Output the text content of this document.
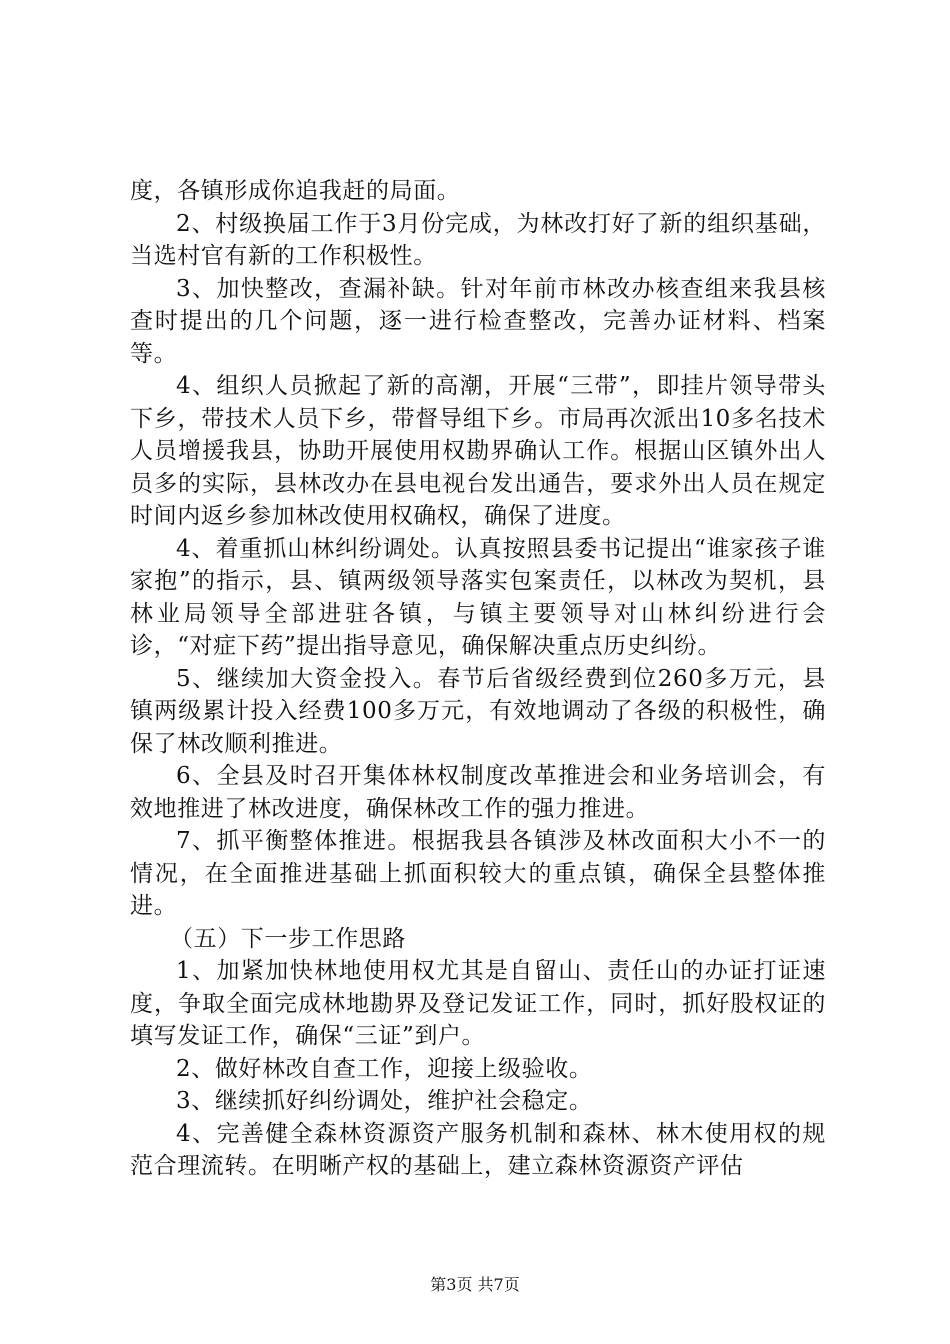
度，各镇形成你追我赶的局面。

2、村级换届工作于3月份完成，为林改打好了新的组织基础，当选村官有新的工作积极性。

3、加快整改，查漏补缺。针对年前市林改办核查组来我县核查时提出的几个问题，逐一进行检查整改，完善办证材料、档案等。

4、组织人员掀起了新的高潮，开展“三带”，即挂片领导带头下乡，带技术人员下乡，带督导组下乡。市局再次派出10多名技术人员增援我县，协助开展使用权勘界确认工作。根据山区镇外出人员多的实际，县林改办在县电视台发出通告，要求外出人员在规定时间内返乡参加林改使用权确权，确保了进度。

4、着重抓山林纠纷调处。认真按照县委书记提出“谁家孩子谁家抱”的指示，县、镇两级领导落实包案责任，以林改为契机，县林业局领导全部进驻各镇，与镇主要领导对山林纠纷进行会诊，“对症下药”提出指导意见，确保解决重点历史纠纷。

5、继续加大资金投入。春节后省级经费到位260多万元，县镇两级累计投入经费100多万元，有效地调动了各级的积极性，确保了林改顺利推进。

6、全县及时召开集体林权制度改革推进会和业务培训会，有效地推进了林改进度，确保林改工作的强力推进。

7、抓平衡整体推进。根据我县各镇涉及林改面积大小不一的情况，在全面推进基础上抓面积较大的重点镇，确保全县整体推进。

（五）下一步工作思路

1、加紧加快林地使用权尤其是自留山、责任山的办证打证速度，争取全面完成林地勘界及登记发证工作，同时，抓好股权证的填写发证工作，确保“三证”到户。

2、做好林改自查工作，迎接上级验收。

3、继续抓好纠纷调处，维护社会稳定。

4、完善健全森林资源资产服务机制和森林、林木使用权的规范合理流转。在明晰产权的基础上，建立森林资源资产评估

第3页 共7页
